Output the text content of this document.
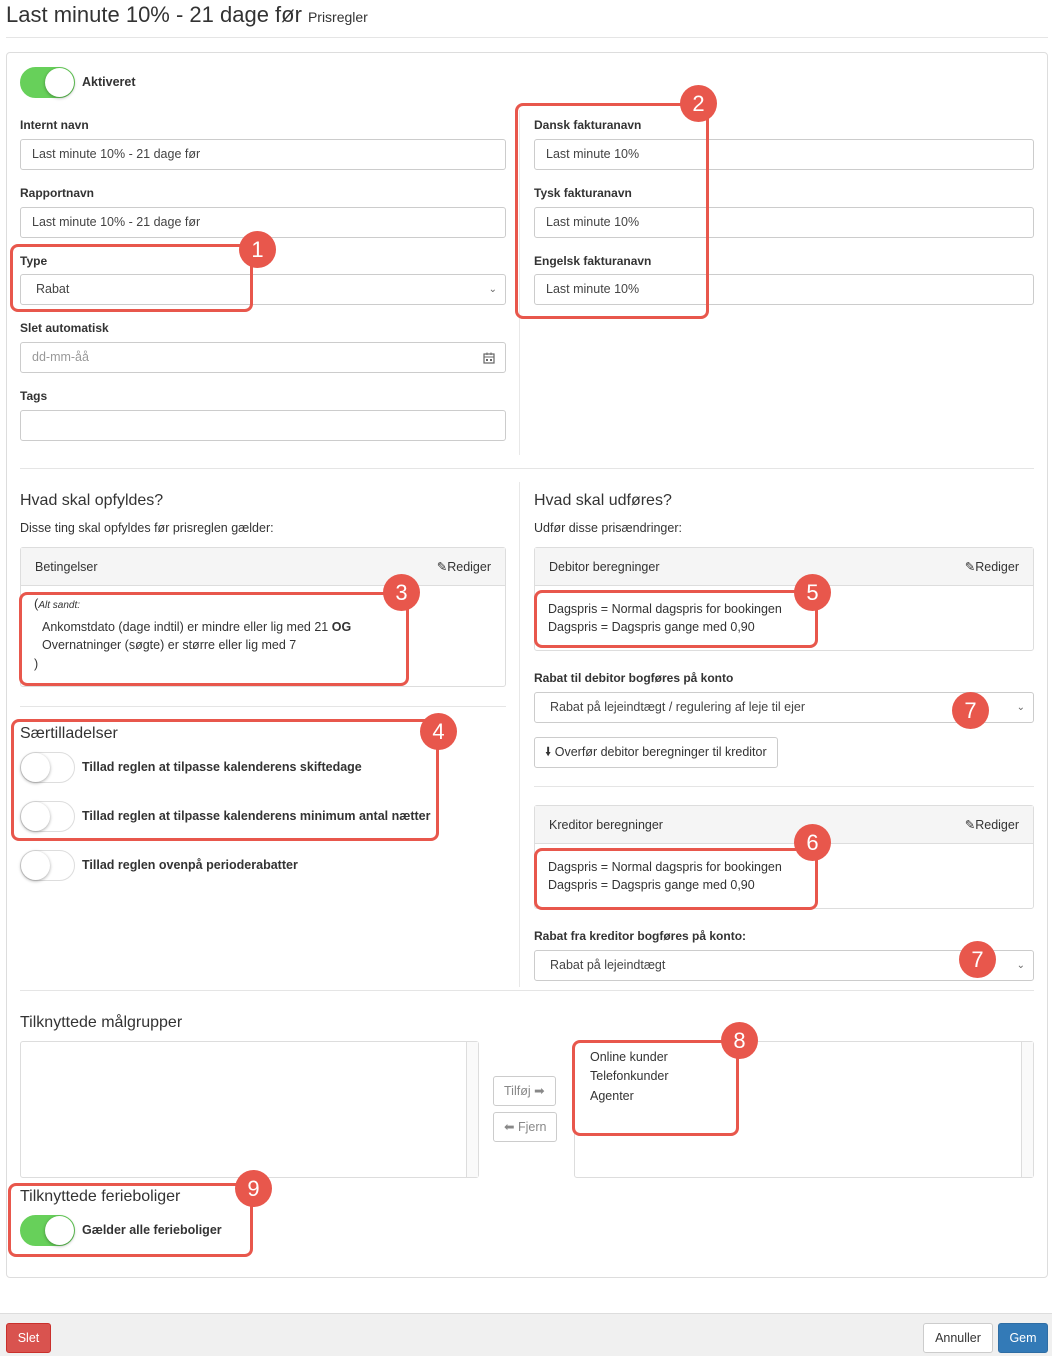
Last minute 10% - 21 dage før Prisregler
Aktiveret
Internt navn
Last minute 10% - 21 dage før
Rapportnavn
Last minute 10% - 21 dage før
Type
Rabat	⌄
Slet automatisk
dd-mm-åå
Tags
Dansk fakturanavn
Last minute 10%
Tysk fakturanavn
Last minute 10%
Engelsk fakturanavn
Last minute 10%
Hvad skal opfyldes?
Disse ting skal opfyldes før prisreglen gælder:
Betingelser	✎Rediger
(Alt sandt:
Ankomstdato (dage indtil) er mindre eller lig med 21 OG
Overnatninger (søgte) er større eller lig med 7
)
Særtilladelser
Tillad reglen at tilpasse kalenderens skiftedage
Tillad reglen at tilpasse kalenderens minimum antal nætter
Tillad reglen ovenpå perioderabatter
Hvad skal udføres?
Udfør disse prisændringer:
Debitor beregninger	✎Rediger
Dagspris = Normal dagspris for bookingen
Dagspris = Dagspris gange med 0,90
Rabat til debitor bogføres på konto
Rabat på lejeindtægt / regulering af leje til ejer	⌄
🠛 Overfør debitor beregninger til kreditor
Kreditor beregninger	✎Rediger
Dagspris = Normal dagspris for bookingen
Dagspris = Dagspris gange med 0,90
Rabat fra kreditor bogføres på konto:
Rabat på lejeindtægt	⌄
Tilknyttede målgrupper
Tilføj ➡
⬅ Fjern
Online kunder
Telefonkunder
Agenter
Tilknyttede ferieboliger
Gælder alle ferieboliger
Slet	Annuller	Gem
1
2
3
4
5
6
7
7
8
9
